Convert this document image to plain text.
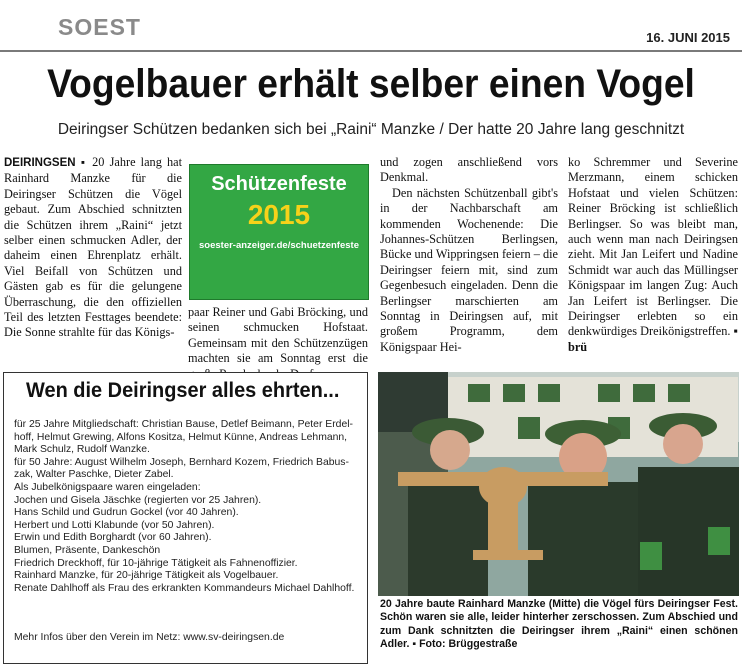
SOEST	16. JUNI 2015
Vogelbauer erhält selber einen Vogel
Deiringser Schützen bedanken sich bei „Raini“ Manzke / Der hatte 20 Jahre lang geschnitzt

DEIRINGSEN ▪ 20 Jahre lang hat Rainhard Manzke für die Deiringser Schützen die Vögel gebaut. Zum Abschied schnitzten die Schützen ihrem „Raini“ jetzt selber einen schmucken Adler, der daheim einen Ehrenplatz erhält. Viel Beifall von Schützen und Gästen gab es für die gelungene Überraschung, die den offiziellen Teil des letzten Festtages beendete: Die Sonne strahlte für das Königs-

Schützenfeste
2015
soester-anzeiger.de/schuetzenfeste

paar Reiner und Gabi Bröcking, und seinen schmucken Hofstaat. Gemeinsam mit den Schützenzügen machten sie am Sonntag erst die

und zogen anschließend vors Denkmal.

Den nächsten Schützenball gibt's in der Nachbarschaft am kommenden Wochenende: Die Johannes-Schützen Berlingsen, Bücke und Wippringsen feiern – die Deiringser feiern mit, sind zum Gegenbesuch eingeladen. Denn die Berlingser marschierten am Sonntag in Deiringsen auf, mit großem Programm, dem Königspaar Hei-

ko Schremmer und Severine Merzmann, einem schicken Hofstaat und vielen Schützen: Reiner Bröcking ist schließlich Berlingser. So was bleibt man, auch wenn man nach Deiringsen zieht. Mit Jan Leifert und Nadine Schmidt war auch das Müllingser Königspaar im langen Zug: Auch Jan Leifert ist Berlingser. Die Deiringser erlebten so ein denkwürdiges Dreikönigstreffen. ▪ brü

Wen die Deiringser alles ehrten...
für 25 Jahre Mitgliedschaft: Christian Bause, Detlef Beimann, Peter Erdel-
hoff, Helmut Grewing, Alfons Kositza, Helmut Künne, Andreas Lehmann,
Mark Schulz, Rudolf Wanzke.
für 50 Jahre: August Wilhelm Joseph, Bernhard Kozem, Friedrich Babus-
zak, Walter Paschke, Dieter Zabel.
Als Jubelkönigspaare waren eingeladen:
Jochen und Gisela Jäschke (regierten vor 25 Jahren).
Hans Schild und Gudrun Gockel (vor 40 Jahren).
Herbert und Lotti Klabunde (vor 50 Jahren).
Erwin und Edith Borghardt (vor 60 Jahren).
Blumen, Präsente, Dankeschön
Friedrich Dreckhoff, für 10-jährige Tätigkeit als Fahnenoffizier.
Rainhard Manzke, für 20-jährige Tätigkeit als Vogelbauer.
Renate Dahlhoff als Frau des erkrankten Kommandeurs Michael Dahlhoff.
Mehr Infos über den Verein im Netz: www.sv-deiringsen.de
20 Jahre baute Rainhard Manzke (Mitte) die Vögel fürs Deiringser Fest. Schön waren sie alle, leider hinterher zerschossen. Zum Abschied und zum Dank schnitzten die Deiringser ihrem „Raini“ einen schönen Adler. ▪ Foto: Brüggestraße
